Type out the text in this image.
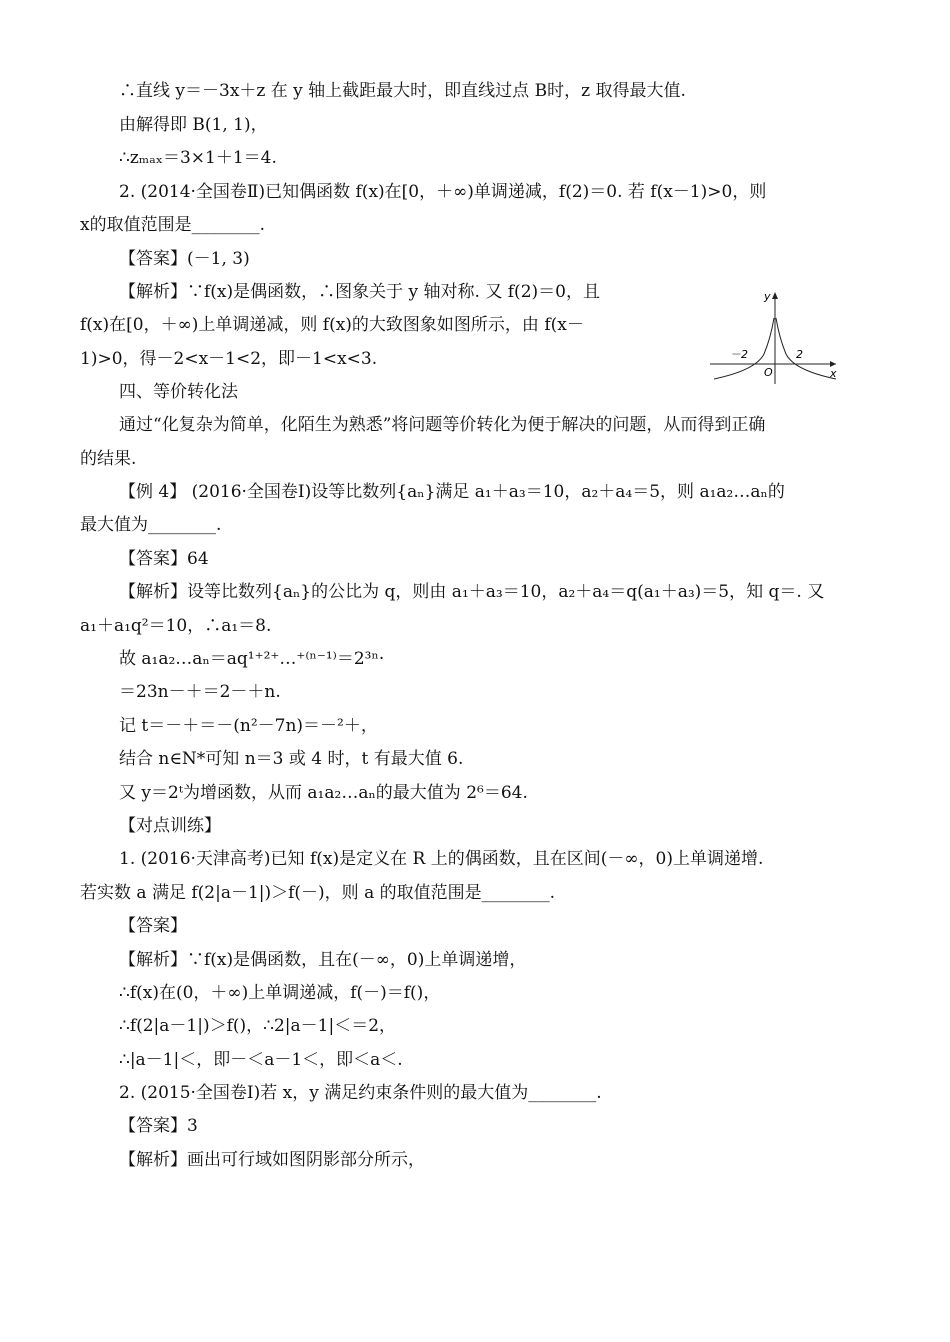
∴直线 y＝－3x＋z 在 y 轴上截距最大时，即直线过点 B时，z 取得最大值.
由解得即 B(1, 1)，
∴zₘₐₓ＝3×1＋1＝4.
2. (2014·全国卷Ⅱ)已知偶函数 f(x)在[0，＋∞)单调递减，f(2)＝0. 若 f(x－1)>0，则
x的取值范围是________.
【答案】(－1, 3)
【解析】∵f(x)是偶函数，∴图象关于 y 轴对称. 又 f(2)＝0，且
f(x)在[0，＋∞)上单调递减，则 f(x)的大致图象如图所示，由 f(x－
1)>0，得－2<x－1<2，即－1<x<3.
四、等价转化法
通过“化复杂为简单，化陌生为熟悉”将问题等价转化为便于解决的问题，从而得到正确
的结果.
【例 4】 (2016·全国卷Ⅰ)设等比数列{aₙ}满足 a₁＋a₃＝10，a₂＋a₄＝5，则 a₁a₂…aₙ的
最大值为________.
【答案】64
【解析】设等比数列{aₙ}的公比为 q，则由 a₁＋a₃＝10，a₂＋a₄＝q(a₁＋a₃)＝5，知 q＝. 又
a₁＋a₁q²＝10，∴a₁＝8.
故 a₁a₂…aₙ＝aq¹⁺²⁺…⁺⁽ⁿ⁻¹⁾＝2³ⁿ·
＝23n－＋＝2－＋n.
记 t＝－＋＝－(n²－7n)＝－²＋，
结合 n∈N*可知 n＝3 或 4 时，t 有最大值 6.
又 y＝2ᵗ为增函数，从而 a₁a₂…aₙ的最大值为 2⁶＝64.
【对点训练】
1. (2016·天津高考)已知 f(x)是定义在 R 上的偶函数，且在区间(－∞，0)上单调递增.
若实数 a 满足 f(2|a－1|)＞f(－)，则 a 的取值范围是________.
【答案】
【解析】∵f(x)是偶函数，且在(－∞，0)上单调递增，
∴f(x)在(0，＋∞)上单调递减，f(－)＝f()，
∴f(2|a－1|)＞f()，∴2|a－1|＜＝2，
∴|a－1|＜，即－＜a－1＜，即＜a＜.
2. (2015·全国卷Ⅰ)若 x，y 满足约束条件则的最大值为________.
【答案】3
【解析】画出可行域如图阴影部分所示，
y
x
O
－2	2
